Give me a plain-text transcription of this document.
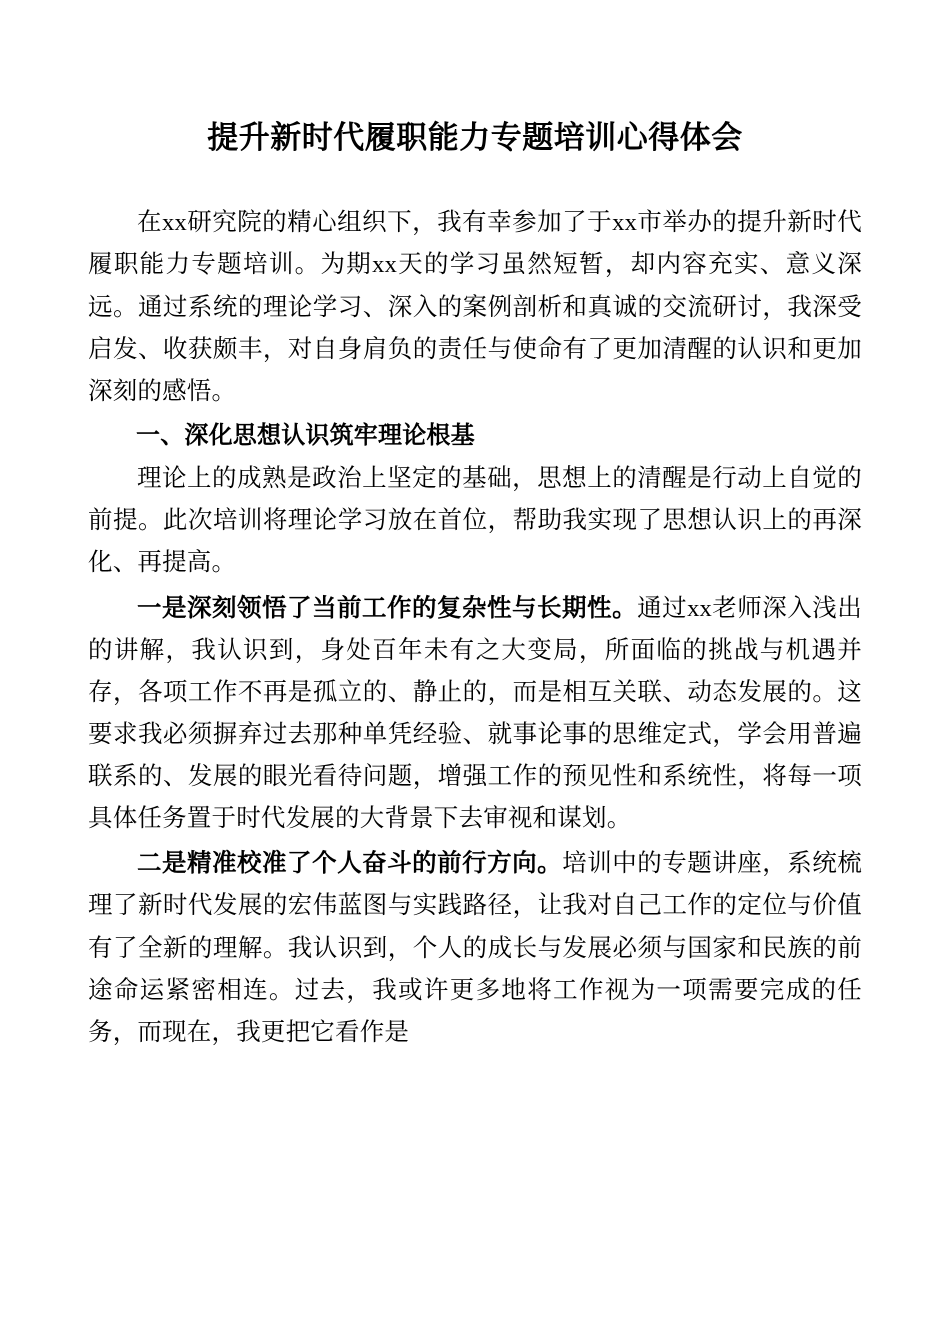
提升新时代履职能力专题培训心得体会

在xx研究院的精心组织下，我有幸参加了于xx市举办的提升新时代履职能力专题培训。为期xx天的学习虽然短暂，却内容充实、意义深远。通过系统的理论学习、深入的案例剖析和真诚的交流研讨，我深受启发、收获颇丰，对自身肩负的责任与使命有了更加清醒的认识和更加深刻的感悟。

一、深化思想认识筑牢理论根基

理论上的成熟是政治上坚定的基础，思想上的清醒是行动上自觉的前提。此次培训将理论学习放在首位，帮助我实现了思想认识上的再深化、再提高。

一是深刻领悟了当前工作的复杂性与长期性。通过xx老师深入浅出的讲解，我认识到，身处百年未有之大变局，所面临的挑战与机遇并存，各项工作不再是孤立的、静止的，而是相互关联、动态发展的。这要求我必须摒弃过去那种单凭经验、就事论事的思维定式，学会用普遍联系的、发展的眼光看待问题，增强工作的预见性和系统性，将每一项具体任务置于时代发展的大背景下去审视和谋划。

二是精准校准了个人奋斗的前行方向。培训中的专题讲座，系统梳理了新时代发展的宏伟蓝图与实践路径，让我对自己工作的定位与价值有了全新的理解。我认识到，个人的成长与发展必须与国家和民族的前途命运紧密相连。过去，我或许更多地将工作视为一项需要完成的任务，而现在，我更把它看作是
